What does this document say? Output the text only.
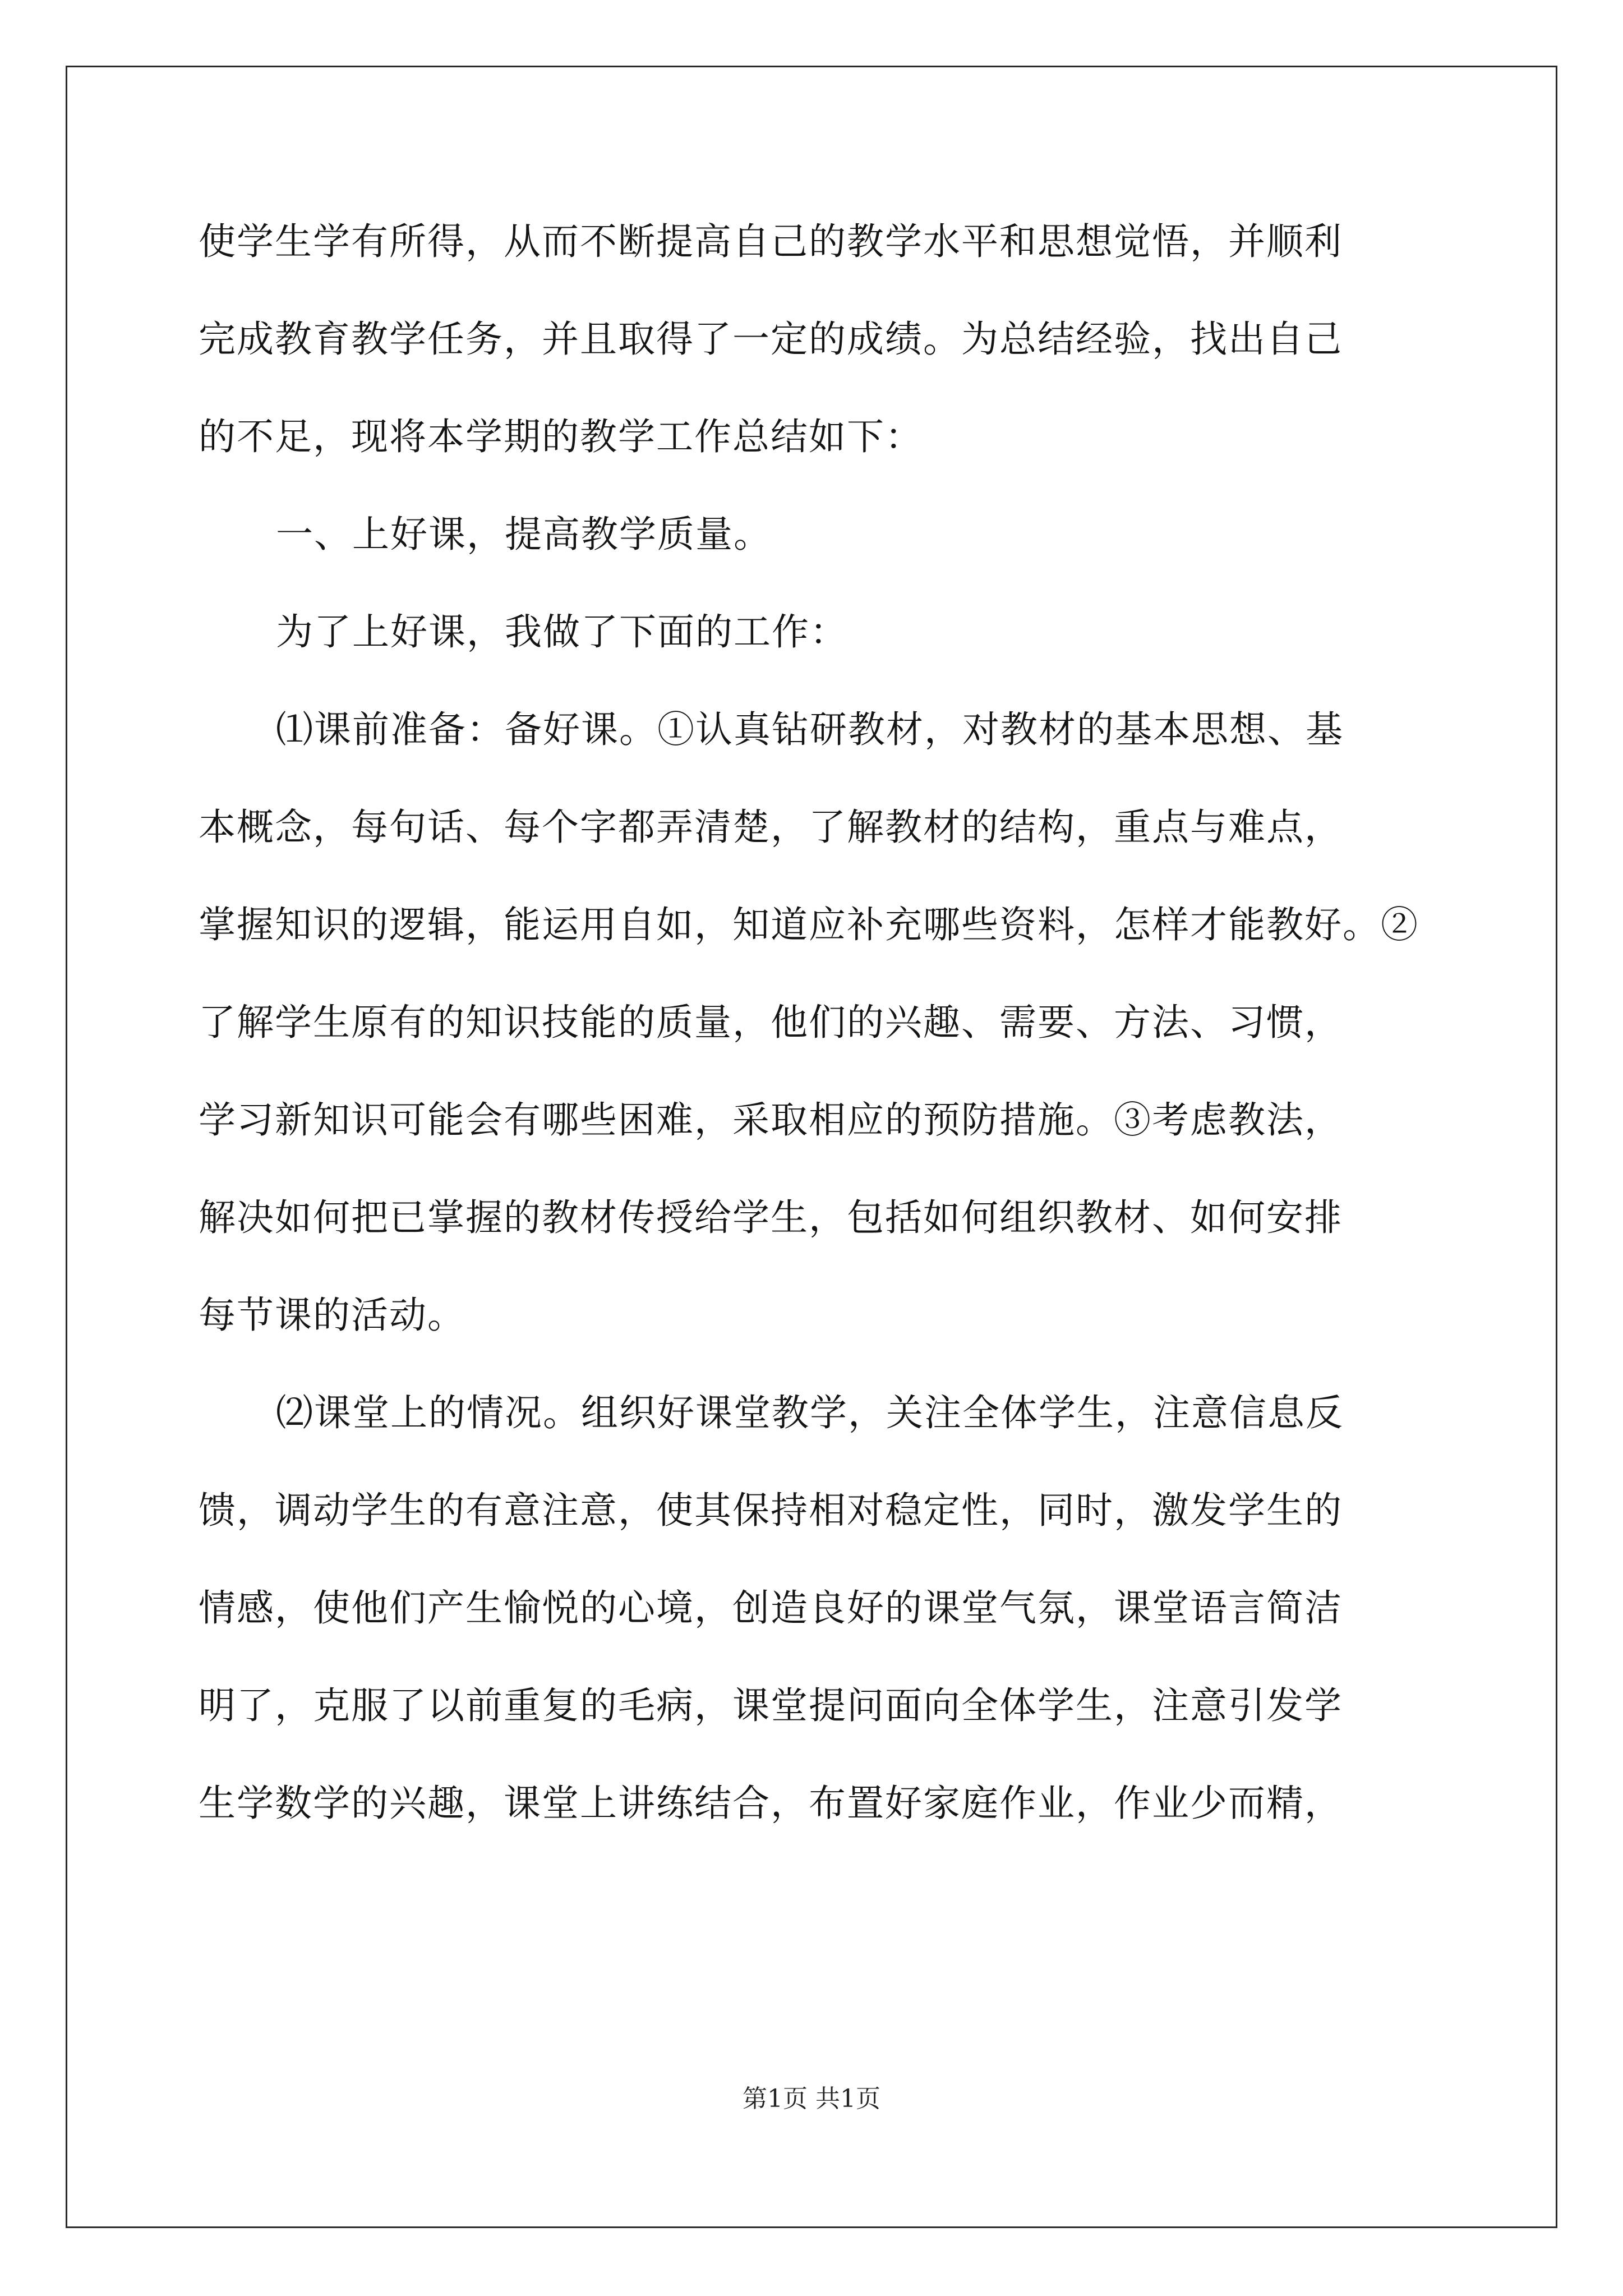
使学生学有所得，从而不断提高自己的教学水平和思想觉悟，并顺利
完成教育教学任务，并且取得了一定的成绩。为总结经验，找出自己
的不足，现将本学期的教学工作总结如下：
一、上好课，提高教学质量。
为了上好课，我做了下面的工作：
⑴课前准备：备好课。①认真钻研教材，对教材的基本思想、基
本概念，每句话、每个字都弄清楚，了解教材的结构，重点与难点，
掌握知识的逻辑，能运用自如，知道应补充哪些资料，怎样才能教好。②
了解学生原有的知识技能的质量，他们的兴趣、需要、方法、习惯，
学习新知识可能会有哪些困难，采取相应的预防措施。③考虑教法，
解决如何把已掌握的教材传授给学生，包括如何组织教材、如何安排
每节课的活动。
⑵课堂上的情况。组织好课堂教学，关注全体学生，注意信息反
馈，调动学生的有意注意，使其保持相对稳定性，同时，激发学生的
情感，使他们产生愉悦的心境，创造良好的课堂气氛，课堂语言简洁
明了，克服了以前重复的毛病，课堂提问面向全体学生，注意引发学
生学数学的兴趣，课堂上讲练结合，布置好家庭作业，作业少而精，
第1页 共1页
